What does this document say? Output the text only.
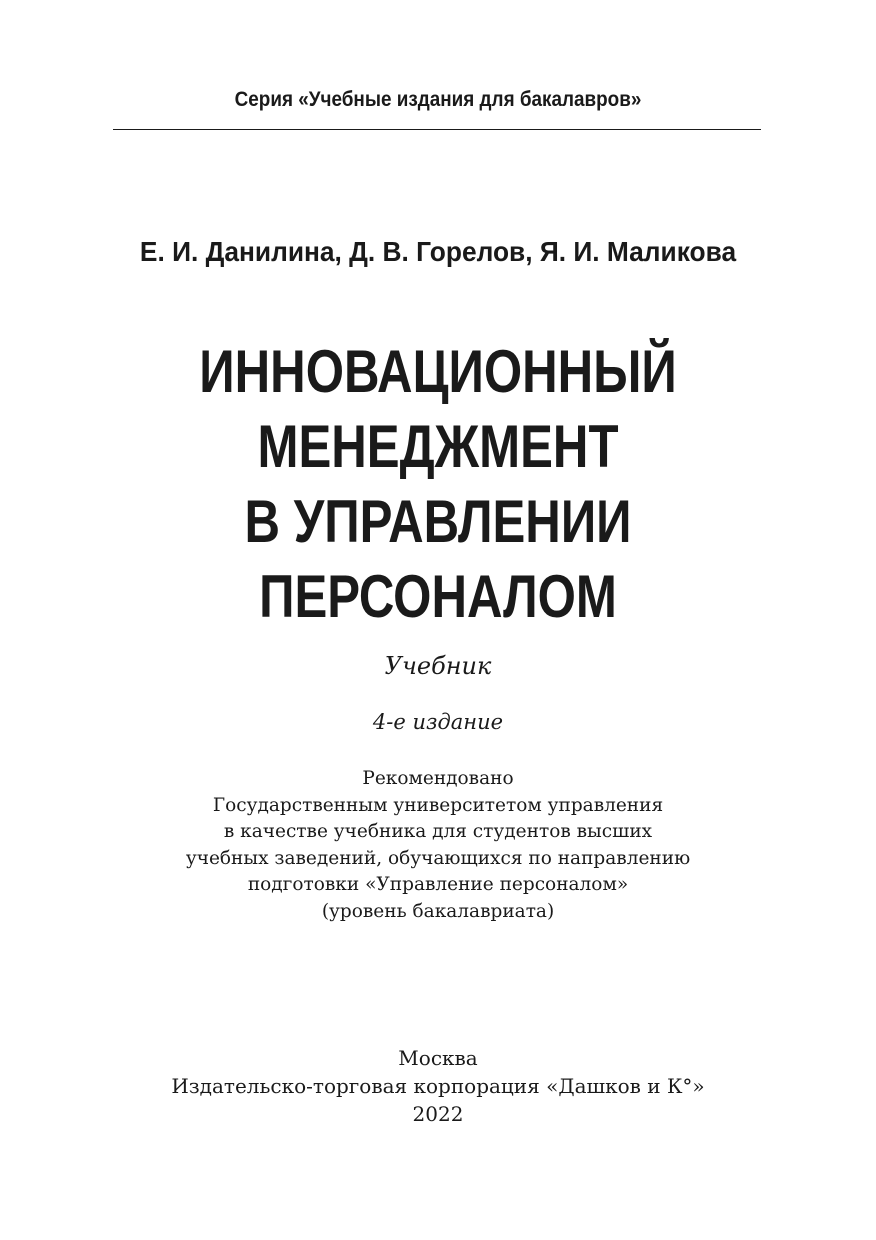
Серия «Учебные издания для бакалавров»
Е. И. Данилина, Д. В. Горелов, Я. И. Маликова
ИННОВАЦИОННЫЙ
МЕНЕДЖМЕНТ
В УПРАВЛЕНИИ
ПЕРСОНАЛОМ
Учебник
4-е издание
Рекомендовано
Государственным университетом управления
в качестве учебника для студентов высших
учебных заведений, обучающихся по направлению
подготовки «Управление персоналом»
(уровень бакалавриата)
Москва
Издательско-торговая корпорация «Дашков и К°»
2022
